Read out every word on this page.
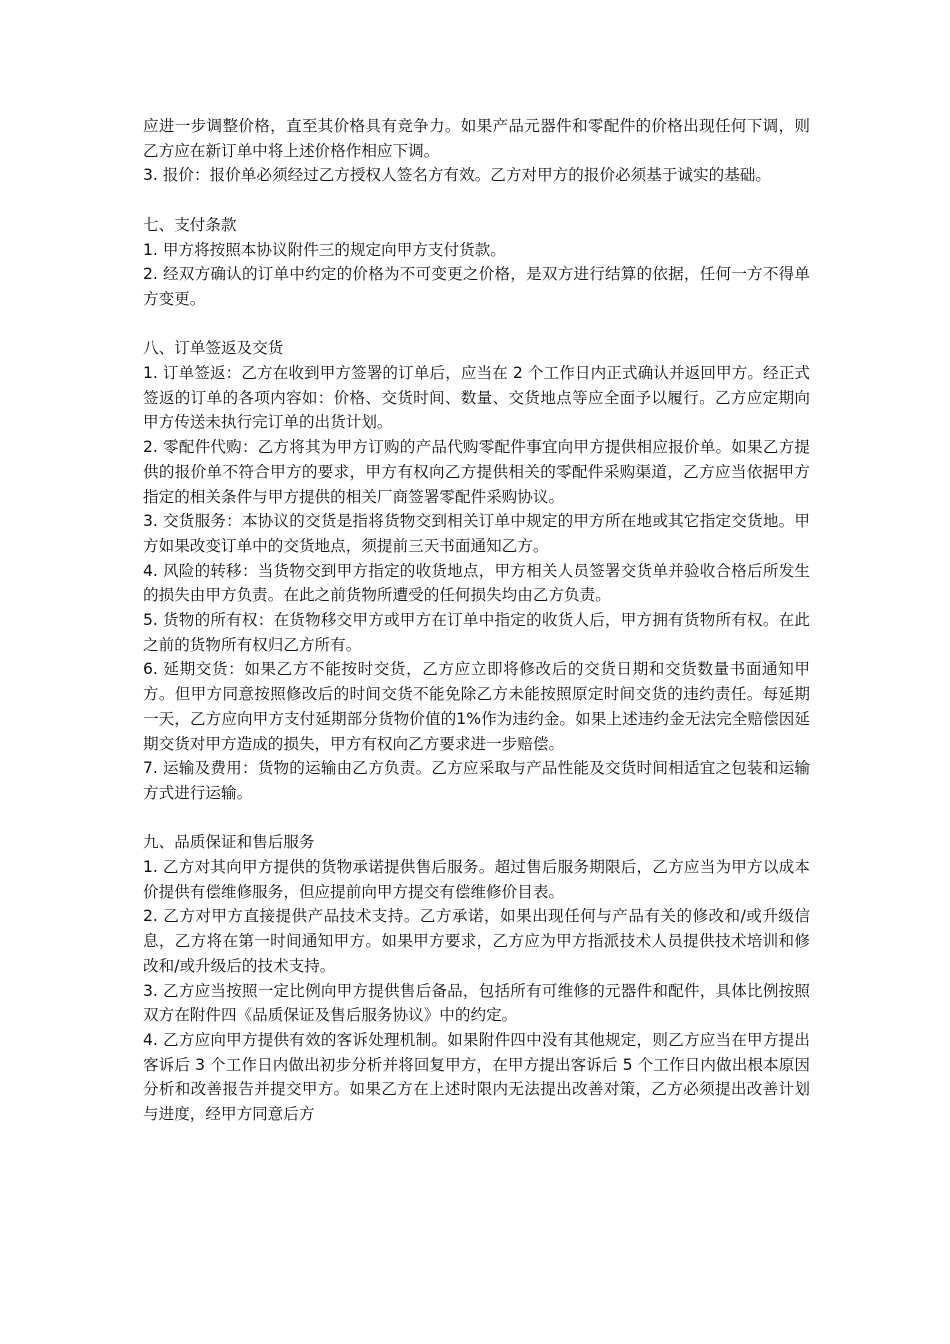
应进一步调整价格，直至其价格具有竞争力。如果产品元器件和零配件的价格出现任何下调，则乙方应在新订单中将上述价格作相应下调。

3. 报价：报价单必须经过乙方授权人签名方有效。乙方对甲方的报价必须基于诚实的基础。

七、支付条款

1. 甲方将按照本协议附件三的规定向甲方支付货款。

2. 经双方确认的订单中约定的价格为不可变更之价格，是双方进行结算的依据，任何一方不得单方变更。

八、订单签返及交货

1. 订单签返：乙方在收到甲方签署的订单后，应当在 2 个工作日内正式确认并返回甲方。经正式签返的订单的各项内容如：价格、交货时间、数量、交货地点等应全面予以履行。乙方应定期向甲方传送未执行完订单的出货计划。

2. 零配件代购：乙方将其为甲方订购的产品代购零配件事宜向甲方提供相应报价单。如果乙方提供的报价单不符合甲方的要求，甲方有权向乙方提供相关的零配件采购渠道，乙方应当依据甲方指定的相关条件与甲方提供的相关厂商签署零配件采购协议。

3. 交货服务：本协议的交货是指将货物交到相关订单中规定的甲方所在地或其它指定交货地。甲方如果改变订单中的交货地点，须提前三天书面通知乙方。

4. 风险的转移：当货物交到甲方指定的收货地点，甲方相关人员签署交货单并验收合格后所发生的损失由甲方负责。在此之前货物所遭受的任何损失均由乙方负责。

5. 货物的所有权：在货物移交甲方或甲方在订单中指定的收货人后，甲方拥有货物所有权。在此之前的货物所有权归乙方所有。

6. 延期交货：如果乙方不能按时交货，乙方应立即将修改后的交货日期和交货数量书面通知甲方。但甲方同意按照修改后的时间交货不能免除乙方未能按照原定时间交货的违约责任。每延期一天，乙方应向甲方支付延期部分货物价值的1%作为违约金。如果上述违约金无法完全赔偿因延期交货对甲方造成的损失，甲方有权向乙方要求进一步赔偿。

7. 运输及费用：货物的运输由乙方负责。乙方应采取与产品性能及交货时间相适宜之包装和运输方式进行运输。

九、品质保证和售后服务

1. 乙方对其向甲方提供的货物承诺提供售后服务。超过售后服务期限后，乙方应当为甲方以成本价提供有偿维修服务，但应提前向甲方提交有偿维修价目表。

2. 乙方对甲方直接提供产品技术支持。乙方承诺，如果出现任何与产品有关的修改和/或升级信息，乙方将在第一时间通知甲方。如果甲方要求，乙方应为甲方指派技术人员提供技术培训和修改和/或升级后的技术支持。

3. 乙方应当按照一定比例向甲方提供售后备品，包括所有可维修的元器件和配件，具体比例按照双方在附件四《品质保证及售后服务协议》中的约定。

4. 乙方应向甲方提供有效的客诉处理机制。如果附件四中没有其他规定，则乙方应当在甲方提出客诉后 3 个工作日内做出初步分析并将回复甲方，在甲方提出客诉后 5 个工作日内做出根本原因分析和改善报告并提交甲方。如果乙方在上述时限内无法提出改善对策，乙方必须提出改善计划与进度，经甲方同意后方
